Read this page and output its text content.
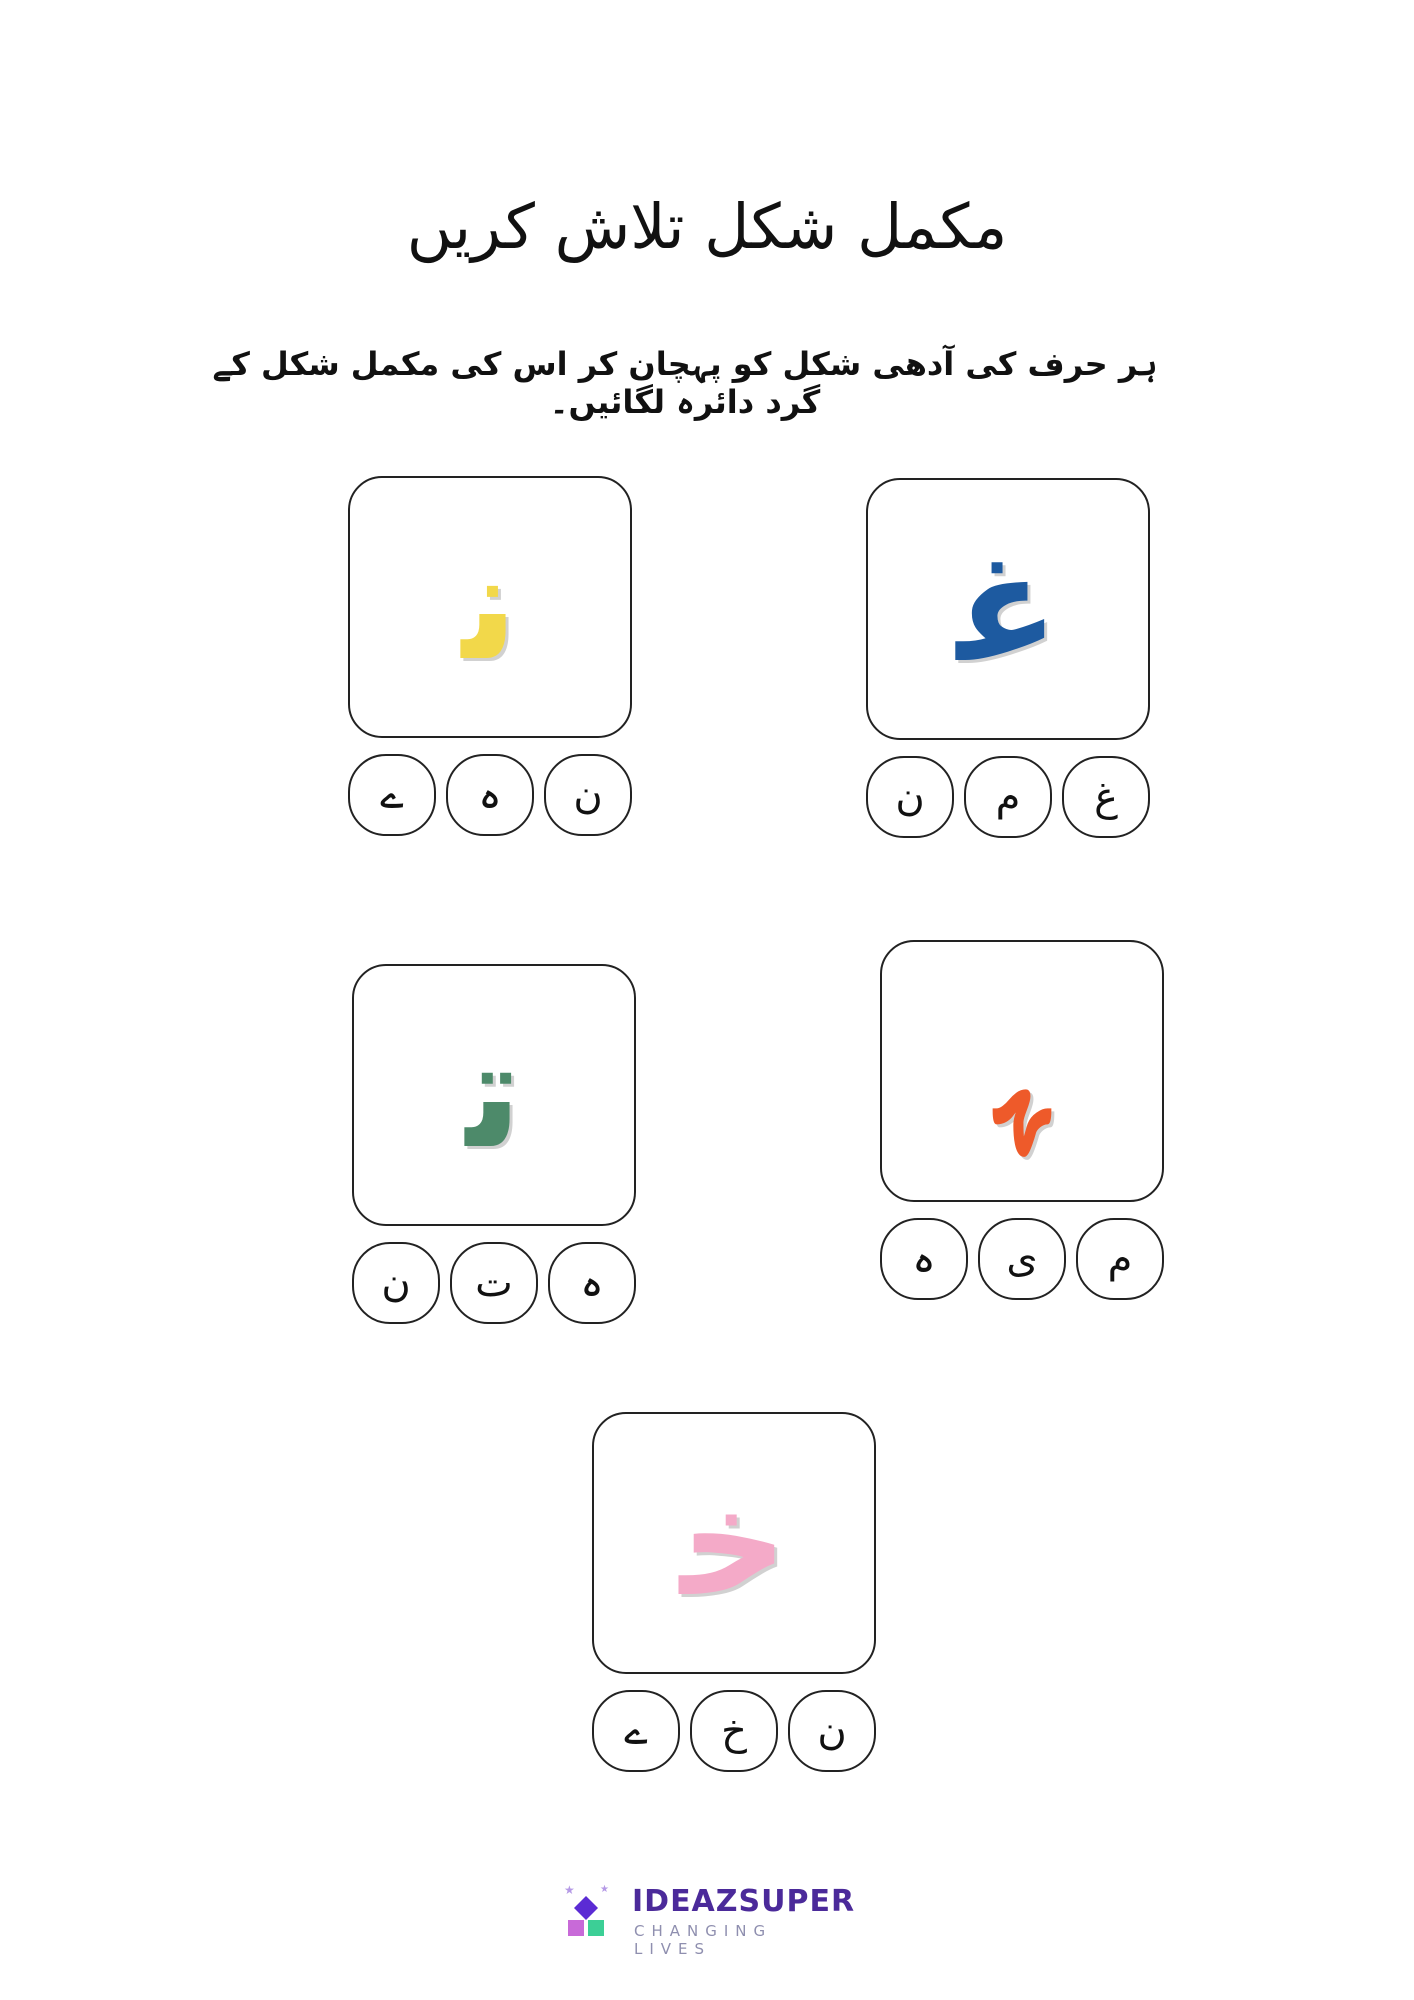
مکمل شکل تلاش کریں
ہر حرف کی آدھی شکل کو پہچان کر اس کی مکمل شکل کے گرد دائرہ لگائیں۔
ﻧ
ن
ہ
ے
ﻏ
غ
م
ن
ﺗ
ہ
ت
ن
ﮩ
م
ی
ہ
ﺧ
ن
خ
ے
★	★ IDEAZSUPER
CHANGING LIVES
